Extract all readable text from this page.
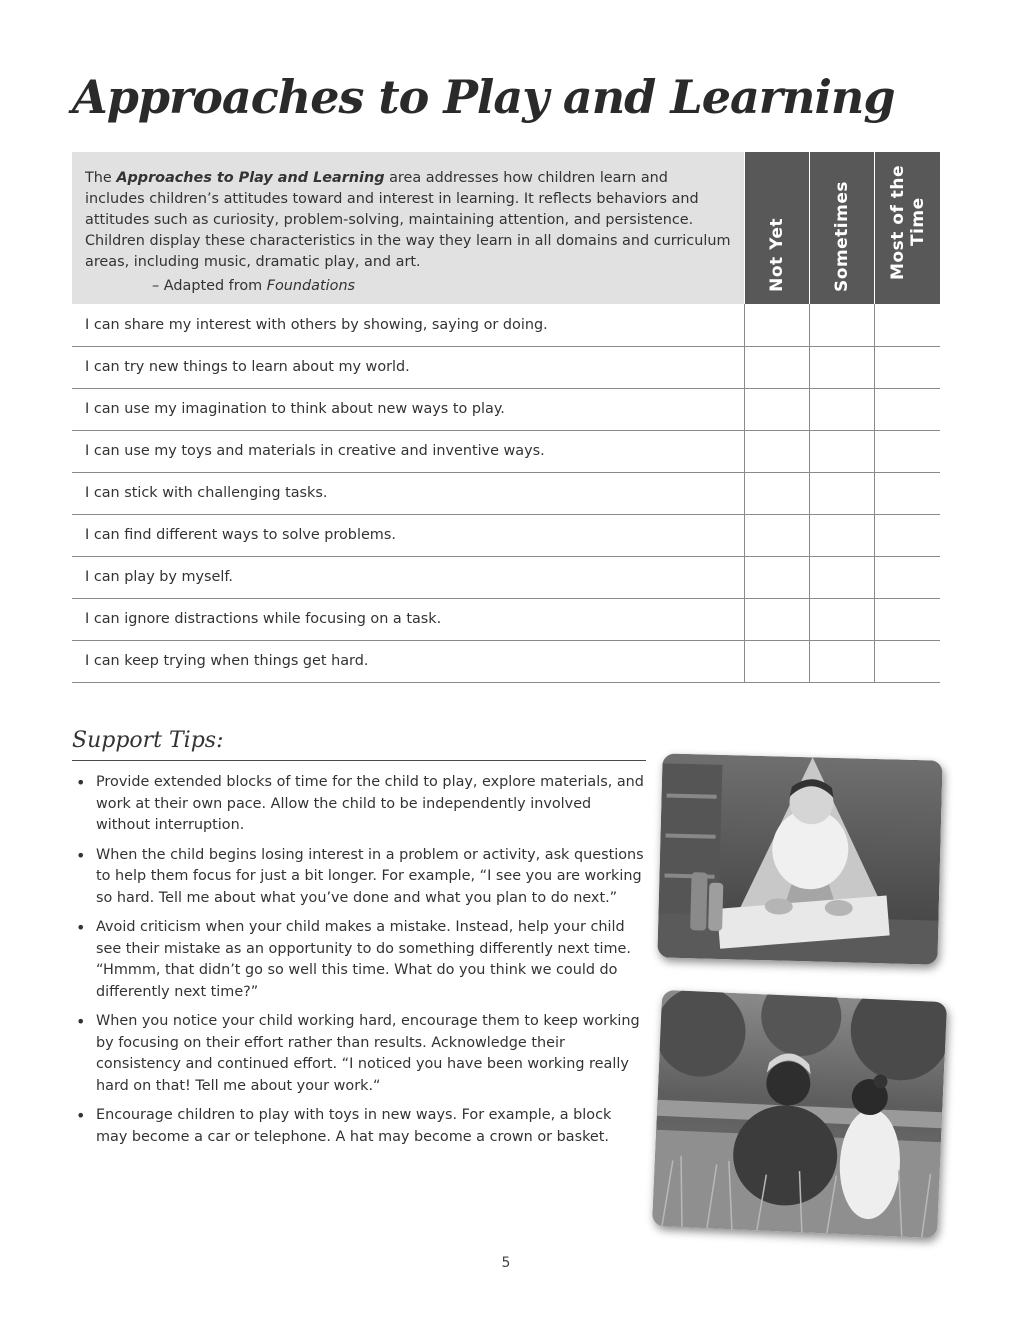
Approaches to Play and Learning

The Approaches to Play and Learning area addresses how children learn and includes children’s attitudes toward and interest in learning. It reflects behaviors and attitudes such as curiosity, problem-solving, maintaining attention, and persistence. Children display these characteristics in the way they learn in all domains and curriculum areas, including music, dramatic play, and art.

– Adapted from Foundations	Not Yet	Sometimes	Most of the Time

I can share my interest with others by showing, saying or doing.			
I can try new things to learn about my world.			
I can use my imagination to think about new ways to play.			
I can use my toys and materials in creative and inventive ways.			
I can stick with challenging tasks.			
I can find different ways to solve problems.			
I can play by myself.			
I can ignore distractions while focusing on a task.			
I can keep trying when things get hard.			
Support Tips:
• Provide extended blocks of time for the child to play, explore materials, and work at their own pace. Allow the child to be independently involved without interruption.
• When the child begins losing interest in a problem or activity, ask questions to help them focus for just a bit longer. For example, “I see you are working so hard. Tell me about what you’ve done and what you plan to do next.”
• Avoid criticism when your child makes a mistake. Instead, help your child see their mistake as an opportunity to do something differently next time. “Hmmm, that didn’t go so well this time. What do you think we could do differently next time?”
• When you notice your child working hard, encourage them to keep working by focusing on their effort rather than results. Acknowledge their consistency and continued effort. “I noticed you have been working really hard on that! Tell me about your work.“
• Encourage children to play with toys in new ways. For example, a block may become a car or telephone. A hat may become a crown or basket.
5
